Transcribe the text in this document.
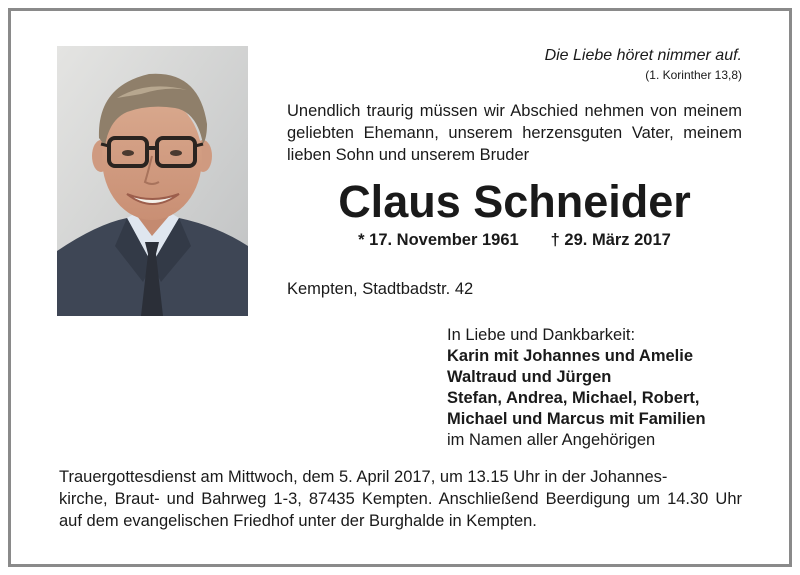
Die Liebe höret nimmer auf.
(1. Korinther 13,8)
Unendlich traurig müssen wir Abschied nehmen von meinem geliebten Ehemann, unserem herzensguten Vater, meinem lieben Sohn und unserem Bruder
Claus Schneider
* 17. November 1961 † 29. März 2017
Kempten, Stadtbadstr. 42
In Liebe und Dankbarkeit:
Karin mit Johannes und Amelie
Waltraud und Jürgen
Stefan, Andrea, Michael, Robert,
Michael und Marcus mit Familien
im Namen aller Angehörigen
Trauergottesdienst am Mittwoch, dem 5. April 2017, um 13.15 Uhr in der Johannes-
kirche, Braut- und Bahrweg 1-3, 87435 Kempten. Anschließend Beerdigung um 14.30 Uhr auf dem evangelischen Friedhof unter der Burghalde in Kempten.
